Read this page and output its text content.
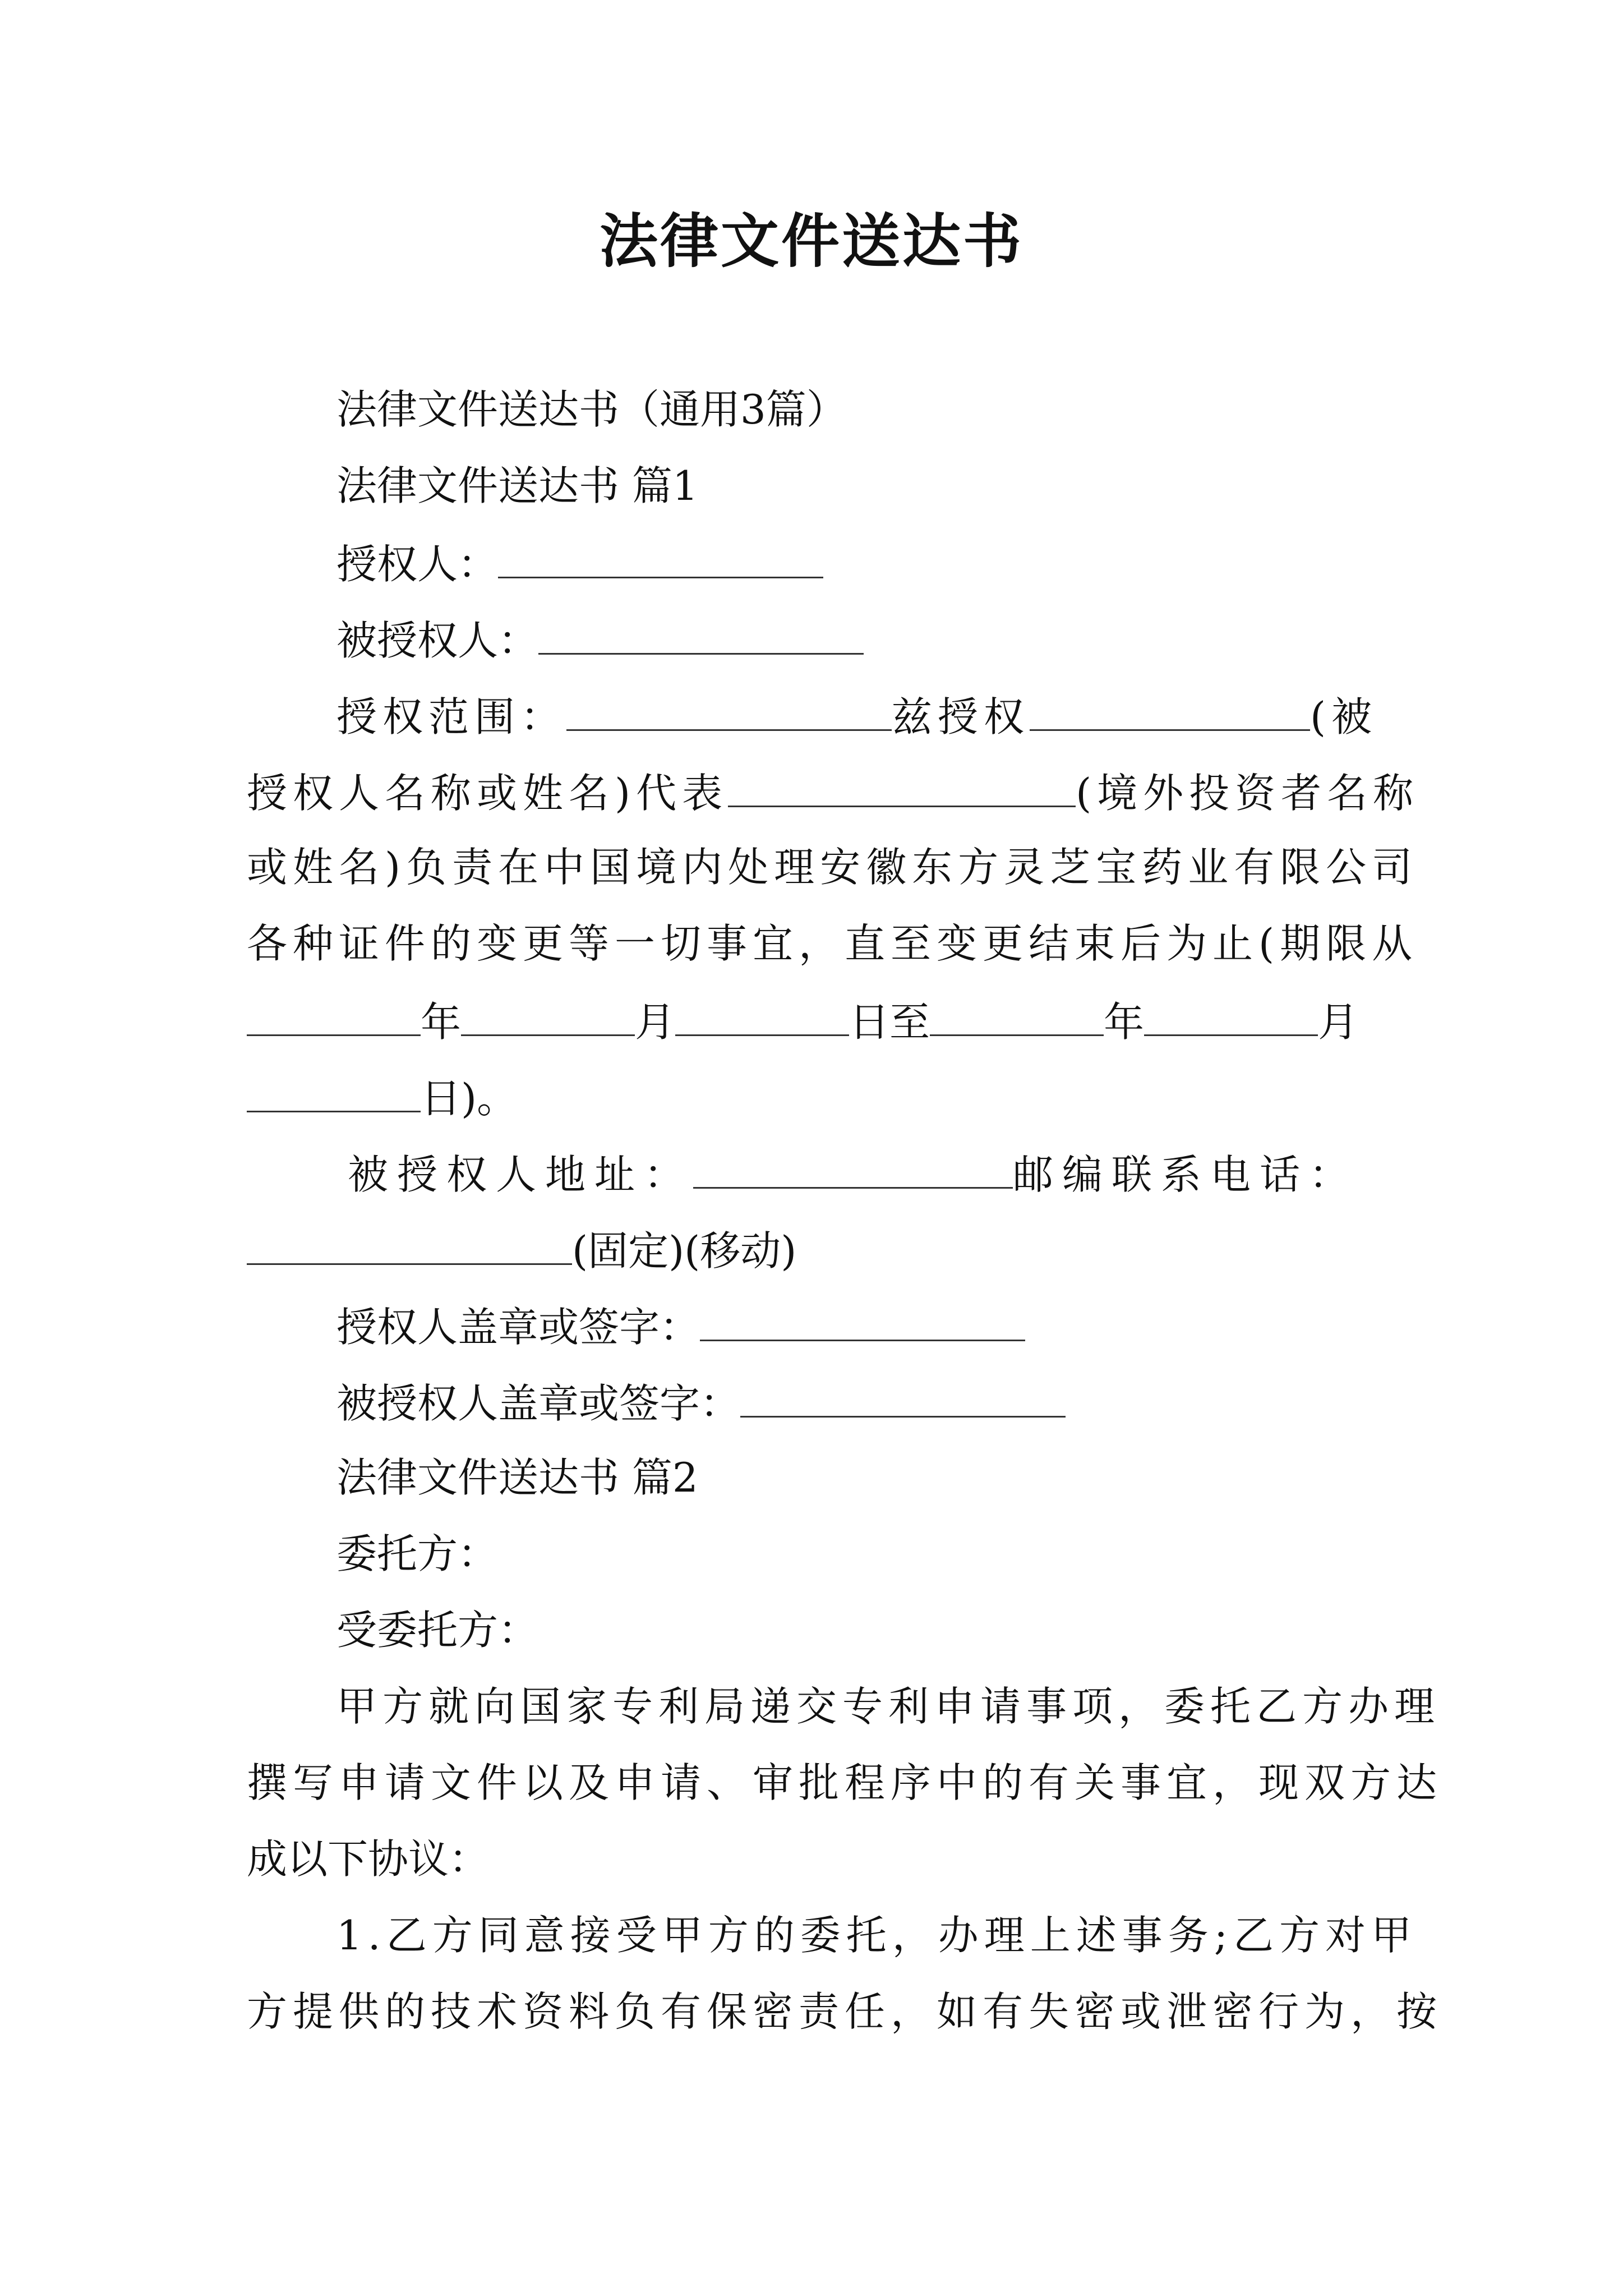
法律文件送达书

法律文件送达书（通用3篇）

法律文件送达书 篇1

授权人：

被授权人：

授权范围：	兹授权	(被

授权人名称或姓名)代表	(境外投资者名称

或姓名)负责在中国境内处理安徽东方灵芝宝药业有限公司

各种证件的变更等一切事宜，直至变更结束后为止(期限从

年	月	日至	年	月

日)。

被授权人地址：	邮编联系电话：

(固定)(移动)

授权人盖章或签字：

被授权人盖章或签字：

法律文件送达书 篇2

委托方：

受委托方：

甲方就向国家专利局递交专利申请事项，委托乙方办理

撰写申请文件以及申请、审批程序中的有关事宜，现双方达

成以下协议：

1.乙方同意接受甲方的委托，办理上述事务;乙方对甲

方提供的技术资料负有保密责任，如有失密或泄密行为，按
